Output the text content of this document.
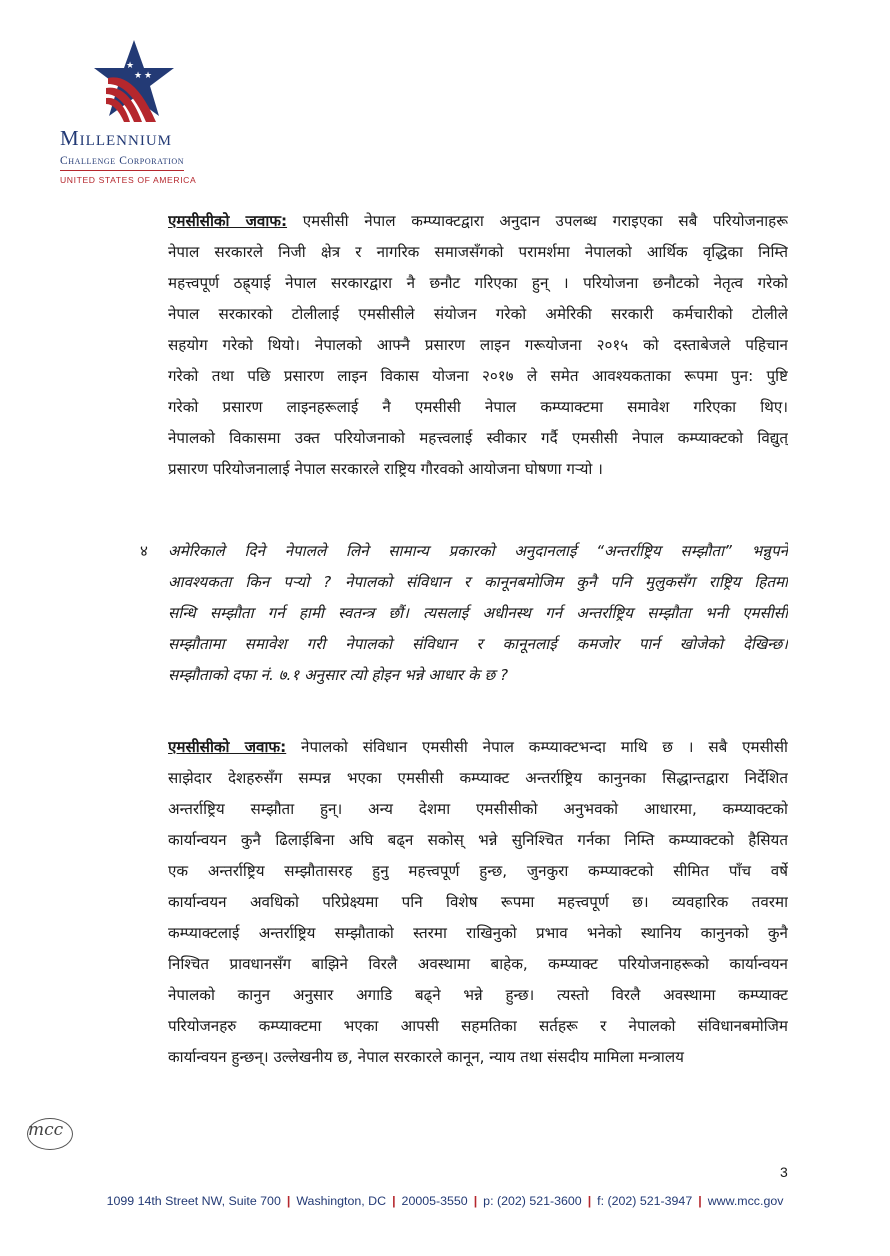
★
★ ★
Millennium
Challenge Corporation
UNITED STATES OF AMERICA
एमसीसीको जवाफ: एमसीसी नेपाल कम्प्याक्टद्वारा अनुदान उपलब्ध गराइएका सबै परियोजनाहरू
नेपाल सरकारले निजी क्षेत्र र नागरिक समाजसँगको परामर्शमा नेपालको आर्थिक वृद्धिका निम्ति
महत्त्वपूर्ण ठह्र्याई नेपाल सरकारद्वारा नै छनौट गरिएका हुन् । परियोजना छनौटको नेतृत्व गरेको
नेपाल सरकारको टोलीलाई एमसीसीले संयोजन गरेको अमेरिकी सरकारी कर्मचारीको टोलीले
सहयोग गरेको थियो। नेपालको आफ्नै प्रसारण लाइन गरूयोजना २०१५ को दस्ताबेजले पहिचान
गरेको तथा पछि प्रसारण लाइन विकास योजना २०१७ ले समेत आवश्यकताका रूपमा पुन: पुष्टि
गरेको प्रसारण लाइनहरूलाई नै एमसीसी नेपाल कम्प्याक्टमा समावेश गरिएका थिए।
नेपालको विकासमा उक्त परियोजनाको महत्त्वलाई स्वीकार गर्दै एमसीसी नेपाल कम्प्याक्टको विद्युत्
प्रसारण परियोजनालाई नेपाल सरकारले राष्ट्रिय गौरवको आयोजना घोषणा गऱ्यो ।
४ अमेरिकाले दिने नेपालले लिने सामान्य प्रकारको अनुदानलाई “अन्तर्राष्ट्रिय सम्झौता” भन्नुपर्ने
आवश्यकता किन पऱ्यो ? नेपालको संविधान र कानूनबमोजिम कुनै पनि मुलुकसँग राष्ट्रिय हितमा
सन्धि सम्झौता गर्न हामी स्वतन्त्र छौं। त्यसलाई अधीनस्थ गर्न अन्तर्राष्ट्रिय सम्झौता भनी एमसीसी
सम्झौतामा समावेश गरी नेपालको संविधान र कानूनलाई कमजोर पार्न खोजेको देखिन्छ।
सम्झौताको दफा नं. ७.१ अनुसार त्यो होइन भन्ने आधार के छ ?
एमसीसीको जवाफ: नेपालको संविधान एमसीसी नेपाल कम्प्याक्टभन्दा माथि छ । सबै एमसीसी
साझेदार देशहरुसँग सम्पन्न भएका एमसीसी कम्प्याक्ट अन्तर्राष्ट्रिय कानुनका सिद्धान्तद्वारा निर्देशित
अन्तर्राष्ट्रिय सम्झौता हुन्। अन्य देशमा एमसीसीको अनुभवको आधारमा, कम्प्याक्टको
कार्यान्वयन कुनै ढिलाईबिना अघि बढ्न सकोस् भन्ने सुनिश्चित गर्नका निम्ति कम्प्याक्टको हैसियत
एक अन्तर्राष्ट्रिय सम्झौतासरह हुनु महत्त्वपूर्ण हुन्छ, जुनकुरा कम्प्याक्टको सीमित पाँच वर्षे
कार्यान्वयन अवधिको परिप्रेक्ष्यमा पनि विशेष रूपमा महत्त्वपूर्ण छ। व्यवहारिक तवरमा
कम्प्याक्टलाई अन्तर्राष्ट्रिय सम्झौताको स्तरमा राखिनुको प्रभाव भनेको स्थानिय कानुनको कुनै
निश्चित प्रावधानसँग बाझिने विरलै अवस्थामा बाहेक, कम्प्याक्ट परियोजनाहरूको कार्यान्वयन
नेपालको कानुन अनुसार अगाडि बढ्ने भन्ने हुन्छ। त्यस्तो विरलै अवस्थामा कम्प्याक्ट
परियोजनहरु कम्प्याक्टमा भएका आपसी सहमतिका सर्तहरू र नेपालको संविधानबमोजिम
कार्यान्वयन हुन्छन्। उल्लेखनीय छ, नेपाल सरकारले कानून, न्याय तथा संसदीय मामिला मन्त्रालय
mcc
3
1099 14th Street NW, Suite 700 | Washington, DC | 20005-3550 | p: (202) 521-3600 | f: (202) 521-3947 | www.mcc.gov
